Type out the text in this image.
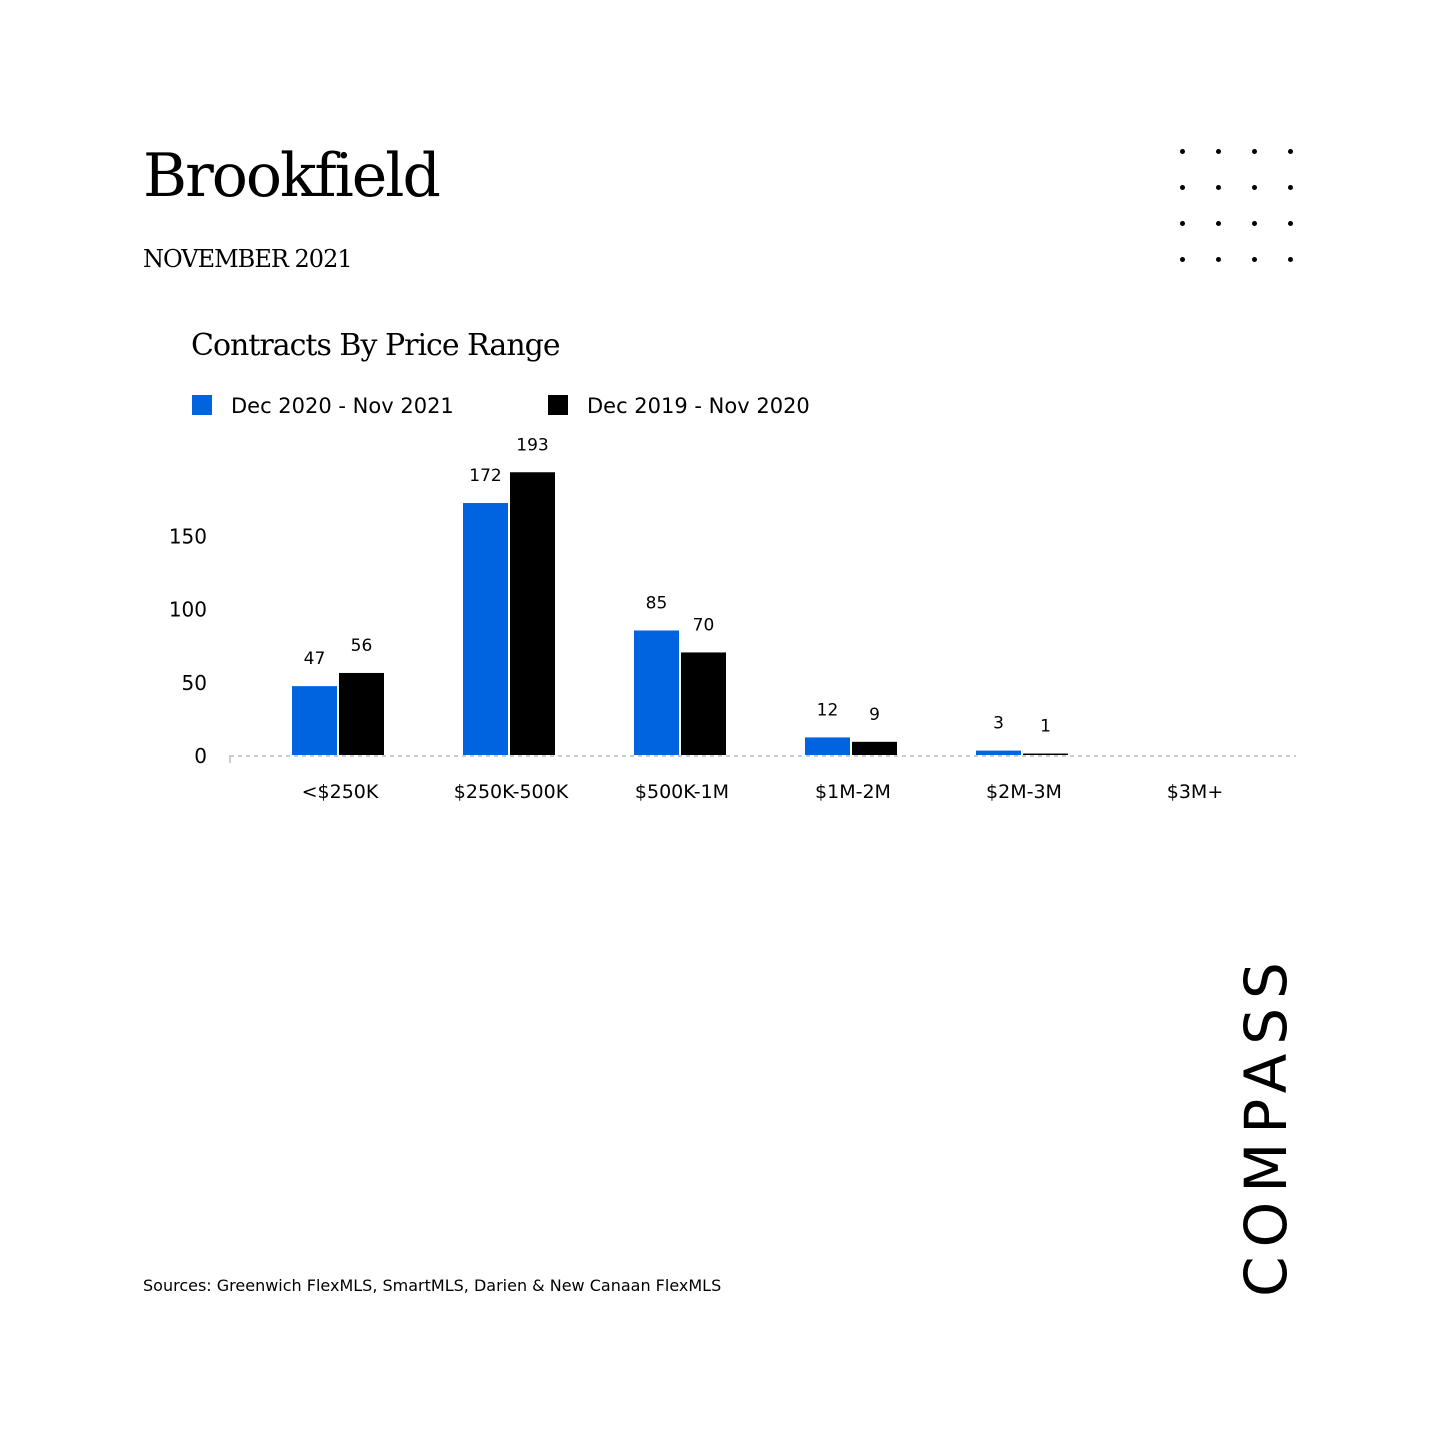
Brookfield
NOVEMBER 2021
Contracts By Price Range
Dec 2020 - Nov 2021	Dec 2019 - Nov 2020
0
50
100
150
<$250K	$250K-500K	$500K-1M	$1M-2M	$2M-3M	$3M+
47
56
172
193
85
70
12 9	3 1
COMPASS
Sources: Greenwich FlexMLS, SmartMLS, Darien & New Canaan FlexMLS
